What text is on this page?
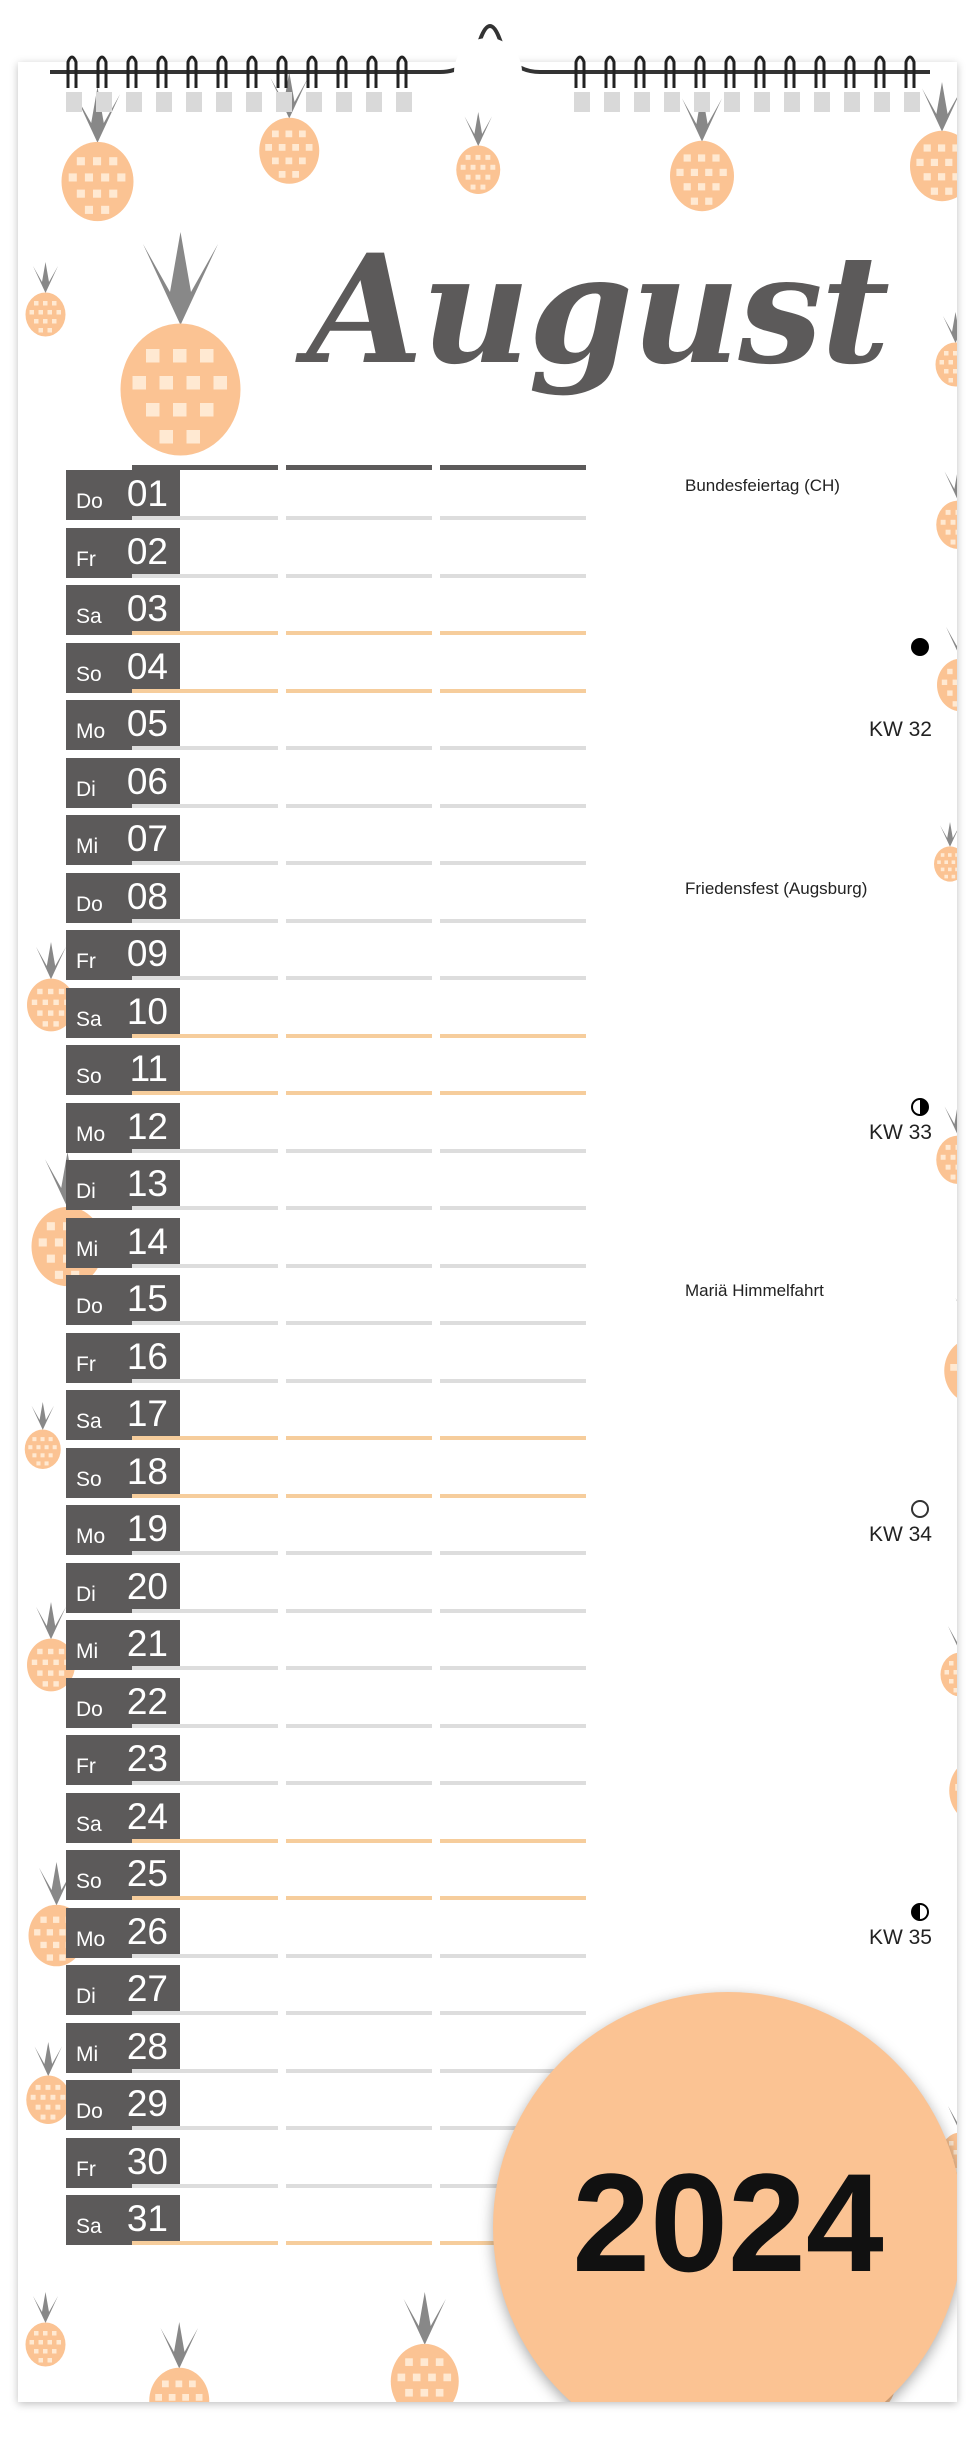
August
Do 01
Fr 02
Sa 03
So 04
Mo 05
Di 06
Mi 07
Do 08
Fr 09
Sa 10
So 11
Mo 12
Di 13
Mi 14
Do 15
Fr 16
Sa 17
So 18
Mo 19
Di 20
Mi 21
Do 22
Fr 23
Sa 24
So 25
Mo 26
Di 27
Mi 28
Do 29
Fr 30
Sa 31
Bundesfeiertag (CH)
Friedensfest (Augsburg)
Mariä Himmelfahrt
KW 32
KW 33
KW 34
KW 35
2024
